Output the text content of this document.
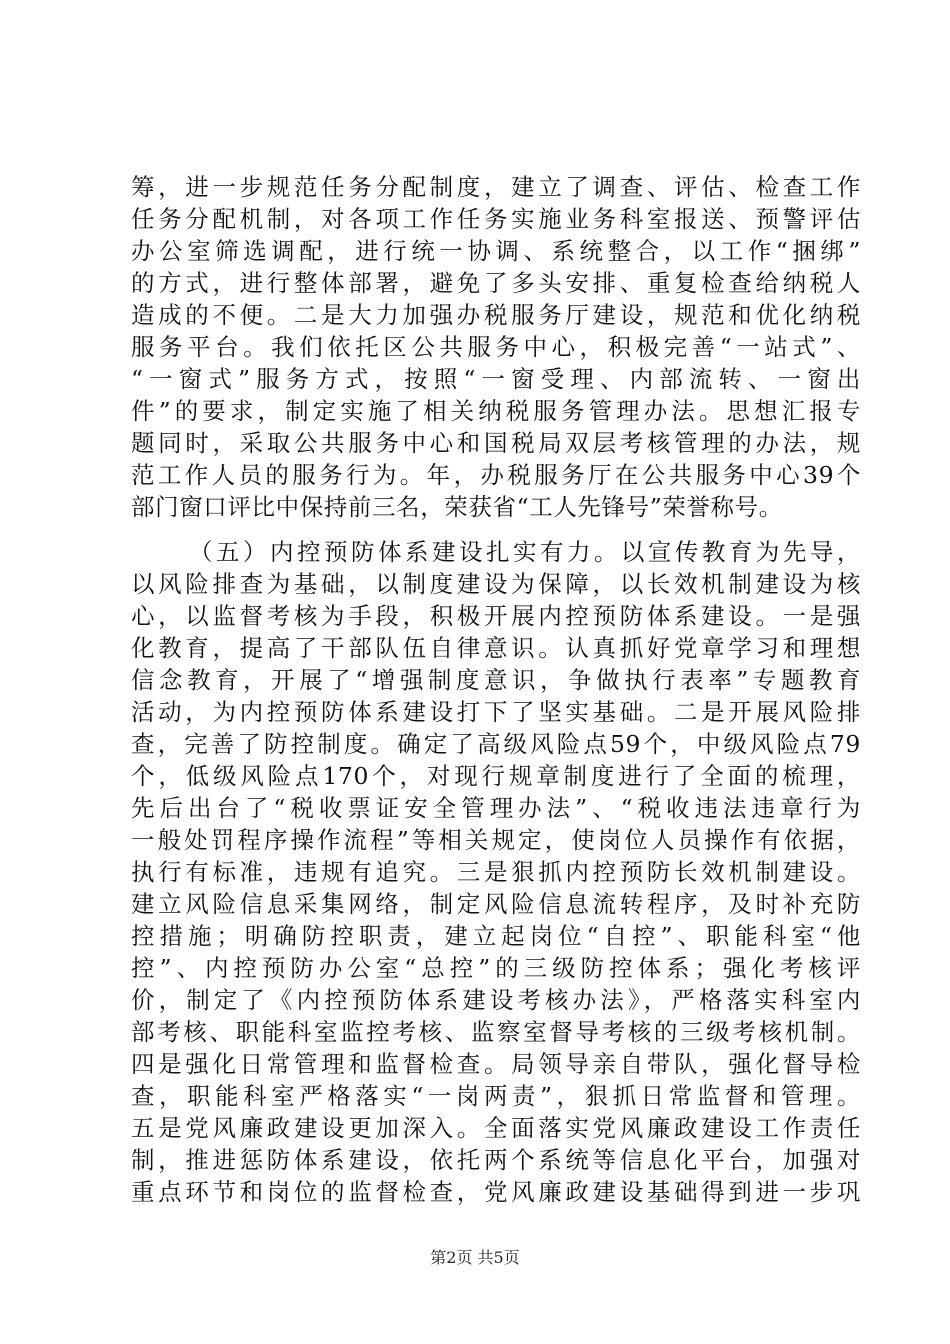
筹，进一步规范任务分配制度，建立了调查、评估、检查工作
任务分配机制，对各项工作任务实施业务科室报送、预警评估
办公室筛选调配，进行统一协调、系统整合，以工作“捆绑”
的方式，进行整体部署，避免了多头安排、重复检查给纳税人
造成的不便。二是大力加强办税服务厅建设，规范和优化纳税
服务平台。我们依托区公共服务中心，积极完善“一站式”、
“一窗式”服务方式，按照“一窗受理、内部流转、一窗出
件”的要求，制定实施了相关纳税服务管理办法。思想汇报专
题同时，采取公共服务中心和国税局双层考核管理的办法，规
范工作人员的服务行为。年，办税服务厅在公共服务中心39个
部门窗口评比中保持前三名，荣获省“工人先锋号”荣誉称号。
（五）内控预防体系建设扎实有力。以宣传教育为先导，
以风险排查为基础，以制度建设为保障，以长效机制建设为核
心，以监督考核为手段，积极开展内控预防体系建设。一是强
化教育，提高了干部队伍自律意识。认真抓好党章学习和理想
信念教育，开展了“增强制度意识，争做执行表率”专题教育
活动，为内控预防体系建设打下了坚实基础。二是开展风险排
查，完善了防控制度。确定了高级风险点59个，中级风险点79
个，低级风险点170个，对现行规章制度进行了全面的梳理，
先后出台了“税收票证安全管理办法”、“税收违法违章行为
一般处罚程序操作流程”等相关规定，使岗位人员操作有依据，
执行有标准，违规有追究。三是狠抓内控预防长效机制建设。
建立风险信息采集网络，制定风险信息流转程序，及时补充防
控措施；明确防控职责，建立起岗位“自控”、职能科室“他
控”、内控预防办公室“总控”的三级防控体系；强化考核评
价，制定了《内控预防体系建设考核办法》，严格落实科室内
部考核、职能科室监控考核、监察室督导考核的三级考核机制。
四是强化日常管理和监督检查。局领导亲自带队，强化督导检
查，职能科室严格落实“一岗两责”，狠抓日常监督和管理。
五是党风廉政建设更加深入。全面落实党风廉政建设工作责任
制，推进惩防体系建设，依托两个系统等信息化平台，加强对
重点环节和岗位的监督检查，党风廉政建设基础得到进一步巩
第2页 共5页
